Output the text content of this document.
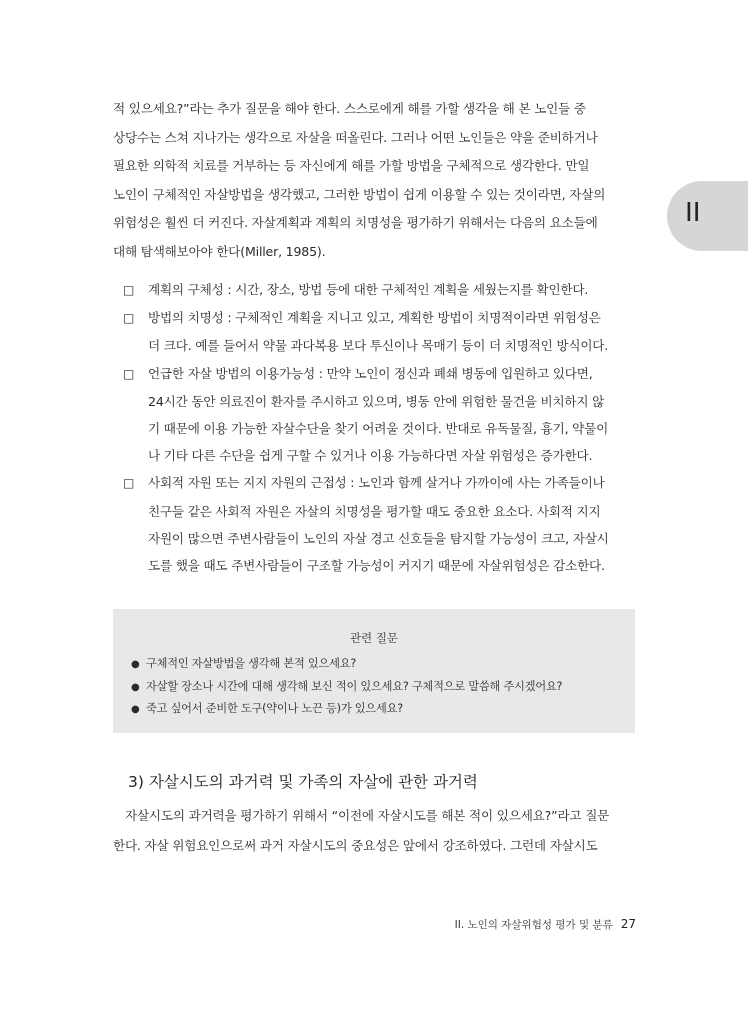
적 있으세요?”라는 추가 질문을 해야 한다. 스스로에게 해를 가할 생각을 해 본 노인들 중
상당수는 스쳐 지나가는 생각으로 자살을 떠올린다. 그러나 어떤 노인들은 약을 준비하거나
필요한 의학적 치료를 거부하는 등 자신에게 해를 가할 방법을 구체적으로 생각한다. 만일
노인이 구체적인 자살방법을 생각했고, 그러한 방법이 쉽게 이용할 수 있는 것이라면, 자살의
위험성은 훨씬 더 커진다. 자살계획과 계획의 치명성을 평가하기 위해서는 다음의 요소들에
대해 탐색해보아야 한다(Miller, 1985).
II
□ 계획의 구체성 : 시간, 장소, 방법 등에 대한 구체적인 계획을 세웠는지를 확인한다.
□ 방법의 치명성 : 구체적인 계획을 지니고 있고, 계획한 방법이 치명적이라면 위험성은
더 크다. 예를 들어서 약물 과다복용 보다 투신이나 목매기 등이 더 치명적인 방식이다.
□ 언급한 자살 방법의 이용가능성 : 만약 노인이 정신과 폐쇄 병동에 입원하고 있다면,
24시간 동안 의료진이 환자를 주시하고 있으며, 병동 안에 위험한 물건을 비치하지 않
기 때문에 이용 가능한 자살수단을 찾기 어려울 것이다. 반대로 유독물질, 흉기, 약물이
나 기타 다른 수단을 쉽게 구할 수 있거나 이용 가능하다면 자살 위험성은 증가한다.
□ 사회적 자원 또는 지지 자원의 근접성 : 노인과 함께 살거나 가까이에 사는 가족들이나
친구들 같은 사회적 자원은 자살의 치명성을 평가할 때도 중요한 요소다. 사회적 지지
자원이 많으면 주변사람들이 노인의 자살 경고 신호들을 탐지할 가능성이 크고, 자살시
도를 했을 때도 주변사람들이 구조할 가능성이 커지기 때문에 자살위험성은 감소한다.
관련 질문
● 구체적인 자살방법을 생각해 본적 있으세요?
● 자살할 장소나 시간에 대해 생각해 보신 적이 있으세요? 구체적으로 말씀해 주시겠어요?
● 죽고 싶어서 준비한 도구(약이나 노끈 등)가 있으세요?
3) 자살시도의 과거력 및 가족의 자살에 관한 과거력
자살시도의 과거력을 평가하기 위해서 “이전에 자살시도를 해본 적이 있으세요?”라고 질문
한다. 자살 위험요인으로써 과거 자살시도의 중요성은 앞에서 강조하였다. 그런데 자살시도
II. 노인의 자살위험성 평가 및 분류 27
